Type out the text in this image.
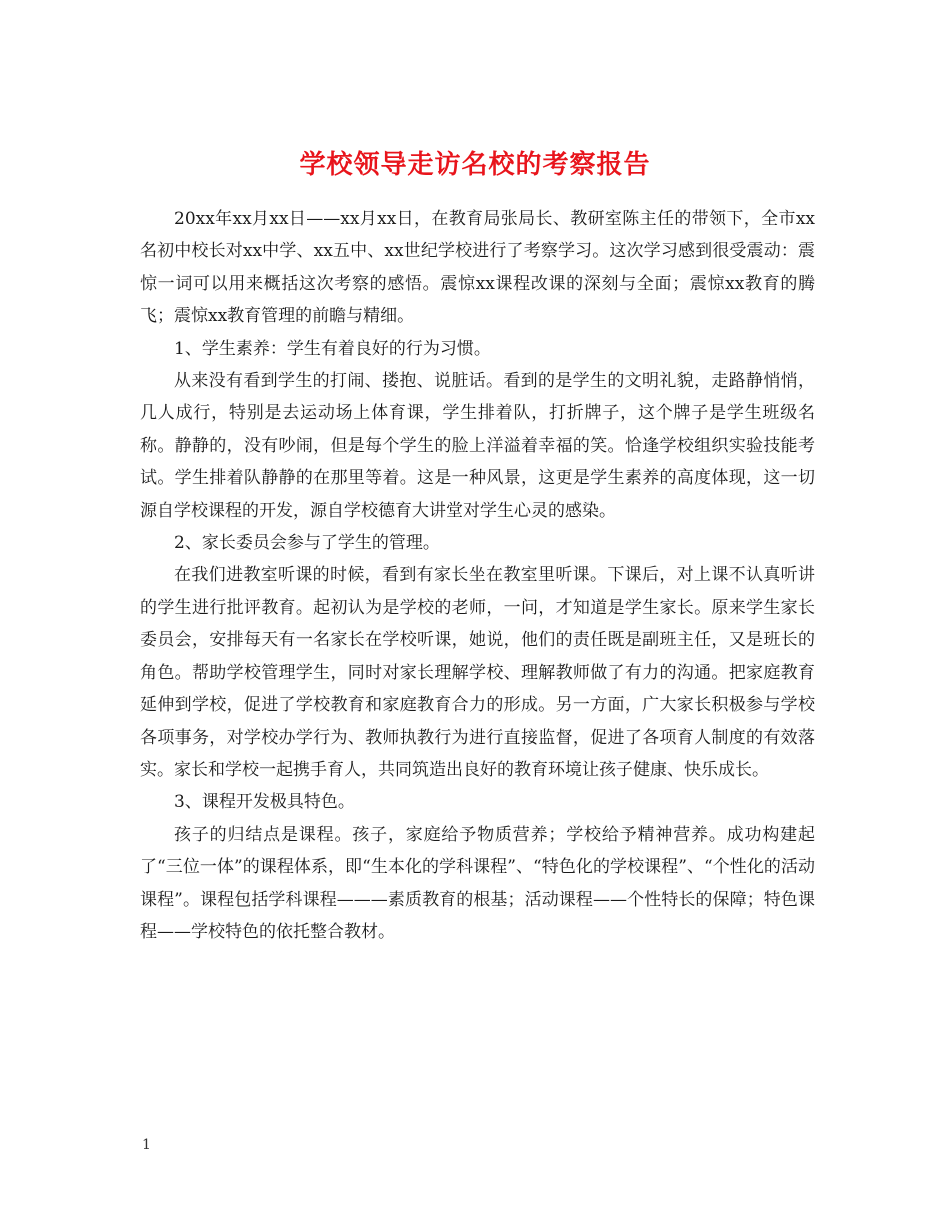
学校领导走访名校的考察报告

20xx年xx月xx日——xx月xx日，在教育局张局长、教研室陈主任的带领下，全市xx名初中校长对xx中学、xx五中、xx世纪学校进行了考察学习。这次学习感到很受震动：震惊一词可以用来概括这次考察的感悟。震惊xx课程改课的深刻与全面；震惊xx教育的腾飞；震惊xx教育管理的前瞻与精细。

1、学生素养：学生有着良好的行为习惯。

从来没有看到学生的打闹、搂抱、说脏话。看到的是学生的文明礼貌，走路静悄悄，几人成行，特别是去运动场上体育课，学生排着队，打折牌子，这个牌子是学生班级名称。静静的，没有吵闹，但是每个学生的脸上洋溢着幸福的笑。恰逢学校组织实验技能考试。学生排着队静静的在那里等着。这是一种风景，这更是学生素养的高度体现，这一切源自学校课程的开发，源自学校德育大讲堂对学生心灵的感染。

2、家长委员会参与了学生的管理。

在我们进教室听课的时候，看到有家长坐在教室里听课。下课后，对上课不认真听讲的学生进行批评教育。起初认为是学校的老师，一问，才知道是学生家长。原来学生家长委员会，安排每天有一名家长在学校听课，她说，他们的责任既是副班主任，又是班长的角色。帮助学校管理学生，同时对家长理解学校、理解教师做了有力的沟通。把家庭教育延伸到学校，促进了学校教育和家庭教育合力的形成。另一方面，广大家长积极参与学校各项事务，对学校办学行为、教师执教行为进行直接监督，促进了各项育人制度的有效落实。家长和学校一起携手育人，共同筑造出良好的教育环境让孩子健康、快乐成长。

3、课程开发极具特色。

孩子的归结点是课程。孩子，家庭给予物质营养；学校给予精神营养。成功构建起了“三位一体”的课程体系，即“生本化的学科课程”、“特色化的学校课程”、“个性化的活动课程”。课程包括学科课程———素质教育的根基；活动课程——个性特长的保障；特色课程——学校特色的依托整合教材。

1
